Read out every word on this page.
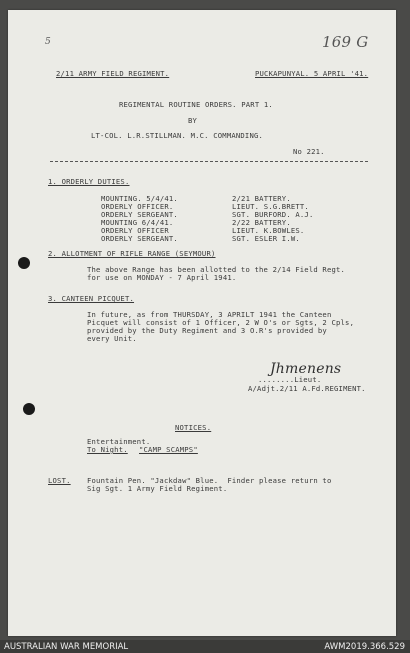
169 G
5
2/11 ARMY FIELD REGIMENT.	PUCKAPUNYAL. 5 APRIL '41.
REGIMENTAL ROUTINE ORDERS. PART 1.
BY
LT-COL. L.R.STILLMAN. M.C. COMMANDING.
No 221.
1. ORDERLY DUTIES.
MOUNTING. 5/4/41.	2/21 BATTERY.
ORDERLY OFFICER.	LIEUT. S.G.BRETT.
ORDERLY SERGEANT.	SGT. BURFORD. A.J.
MOUNTING 6/4/41.	2/22 BATTERY.
ORDERLY OFFICER	LIEUT. K.BOWLES.
ORDERLY SERGEANT.	SGT. ESLER I.W.
2. ALLOTMENT OF RIFLE RANGE (SEYMOUR)
The above Range has been allotted to the 2/14 Field Regt.
for use on MONDAY - 7 April 1941.
3. CANTEEN PICQUET.
In future, as from THURSDAY, 3 APRILT 1941 the Canteen
Picquet will consist of 1 Officer, 2 W O's or Sgts, 2 Cpls,
provided by the Duty Regiment and 3 O.R's provided by
every Unit.
Jhmenens
........Lieut.
A/Adjt.2/11 A.Fd.REGIMENT.
NOTICES.
Entertainment.
To Night. "CAMP SCAMPS"
LOST. Fountain Pen. "Jackdaw" Blue.  Finder please return to
Sig Sgt. 1 Army Field Regiment.
AUSTRALIAN WAR MEMORIAL	AWM2019.366.529
